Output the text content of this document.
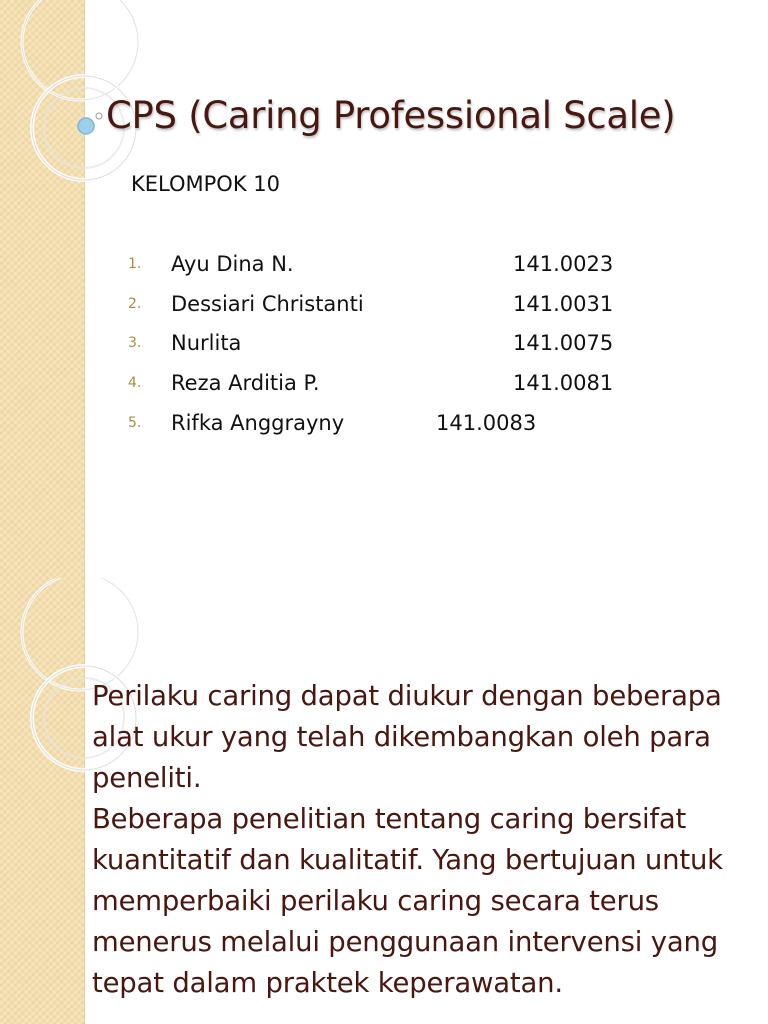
CPS (Caring Professional Scale)
KELOMPOK 10
1. Ayu Dina N.	141.0023
2. Dessiari Christanti	141.0031
3. Nurlita	141.0075
4. Reza Arditia P.	141.0081
5. Rifka Anggrayny	141.0083

Perilaku caring dapat diukur dengan beberapa
alat ukur yang telah dikembangkan oleh para
peneliti.
Beberapa penelitian tentang caring bersifat
kuantitatif dan kualitatif. Yang bertujuan untuk
memperbaiki perilaku caring secara terus
menerus melalui penggunaan intervensi yang
tepat dalam praktek keperawatan.
